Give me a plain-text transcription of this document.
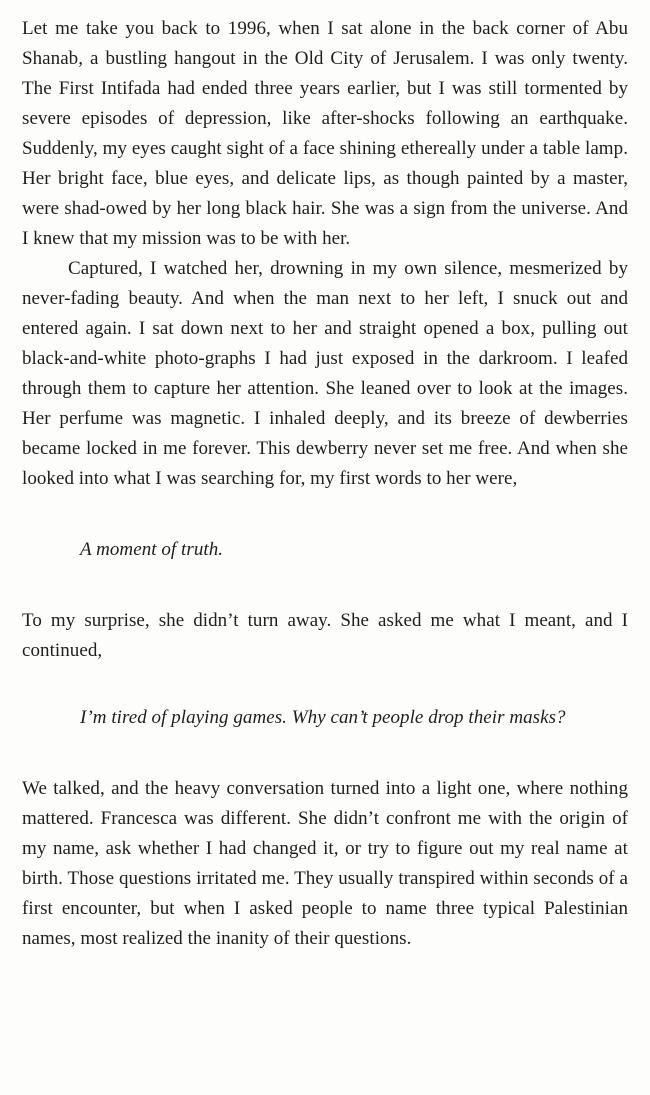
Let me take you back to 1996, when I sat alone in the back corner of Abu Shanab, a bustling hangout in the Old City of Jerusalem. I was only twenty. The First Intifada had ended three years earlier, but I was still tormented by severe episodes of depression, like after-shocks following an earthquake. Suddenly, my eyes caught sight of a face shining ethereally under a table lamp. Her bright face, blue eyes, and delicate lips, as though painted by a master, were shad-owed by her long black hair. She was a sign from the universe. And I knew that my mission was to be with her.

Captured, I watched her, drowning in my own silence, mesmerized by never-fading beauty. And when the man next to her left, I snuck out and entered again. I sat down next to her and straight opened a box, pulling out black-and-white photo-graphs I had just exposed in the darkroom. I leafed through them to capture her attention. She leaned over to look at the images. Her perfume was magnetic. I inhaled deeply, and its breeze of dewberries became locked in me forever. This dewberry never set me free. And when she looked into what I was searching for, my first words to her were,

A moment of truth.

To my surprise, she didn’t turn away. She asked me what I meant, and I continued,

I’m tired of playing games. Why can’t people drop their masks?

We talked, and the heavy conversation turned into a light one, where nothing mattered. Francesca was different. She didn’t confront me with the origin of my name, ask whether I had changed it, or try to figure out my real name at birth. Those questions irritated me. They usually transpired within seconds of a first encounter, but when I asked people to name three typical Palestinian names, most realized the inanity of their questions.
